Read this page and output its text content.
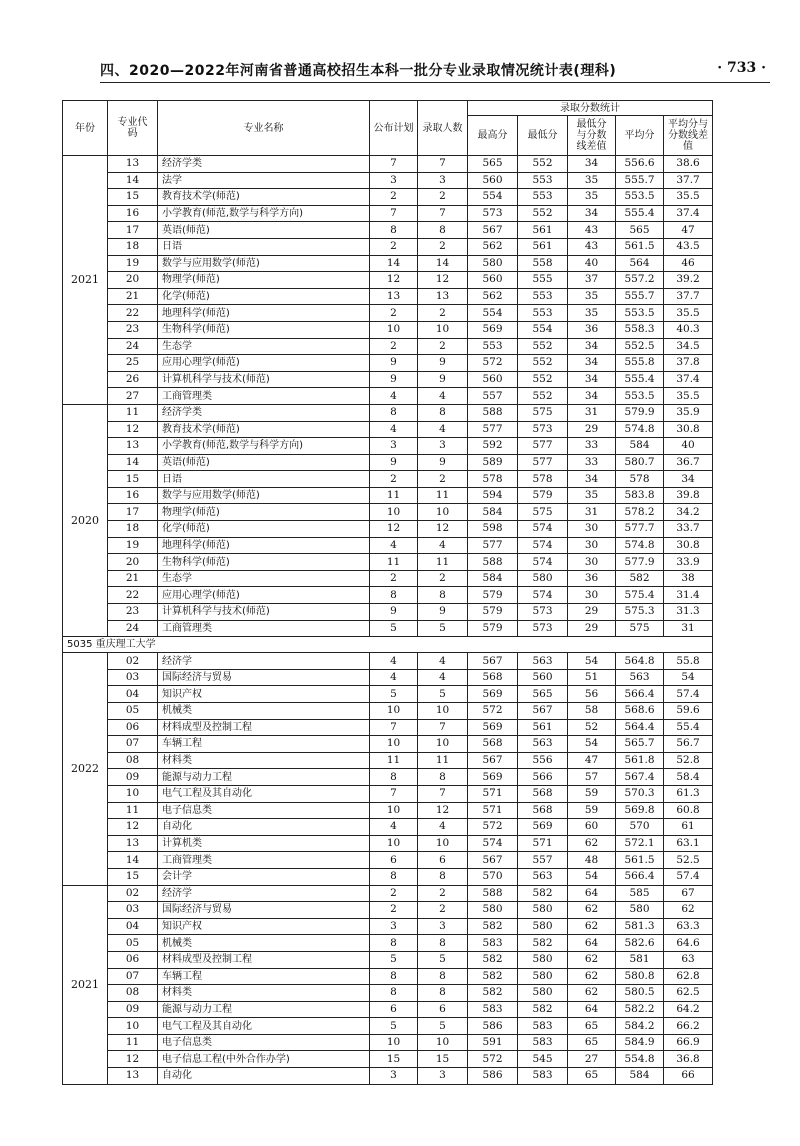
四、2020—2022年河南省普通高校招生本科一批分专业录取情况统计表(理科)	· 733 ·
年份	专业代码	专业名称	公布计划	录取人数	录取分数统计				
					最高分	最低分	最低分与分数线差值	平均分	平均分与分数线差值
2021	13	经济学类	7	7	565	552	34	556.6	38.6
	14	法学	3	3	560	553	35	555.7	37.7
	15	教育技术学(师范)	2	2	554	553	35	553.5	35.5
	16	小学教育(师范,数学与科学方向)	7	7	573	552	34	555.4	37.4
	17	英语(师范)	8	8	567	561	43	565	47
	18	日语	2	2	562	561	43	561.5	43.5
	19	数学与应用数学(师范)	14	14	580	558	40	564	46
	20	物理学(师范)	12	12	560	555	37	557.2	39.2
	21	化学(师范)	13	13	562	553	35	555.7	37.7
	22	地理科学(师范)	2	2	554	553	35	553.5	35.5
	23	生物科学(师范)	10	10	569	554	36	558.3	40.3
	24	生态学	2	2	553	552	34	552.5	34.5
	25	应用心理学(师范)	9	9	572	552	34	555.8	37.8
	26	计算机科学与技术(师范)	9	9	560	552	34	555.4	37.4
	27	工商管理类	4	4	557	552	34	553.5	35.5
2020	11	经济学类	8	8	588	575	31	579.9	35.9
	12	教育技术学(师范)	4	4	577	573	29	574.8	30.8
	13	小学教育(师范,数学与科学方向)	3	3	592	577	33	584	40
	14	英语(师范)	9	9	589	577	33	580.7	36.7
	15	日语	2	2	578	578	34	578	34
	16	数学与应用数学(师范)	11	11	594	579	35	583.8	39.8
	17	物理学(师范)	10	10	584	575	31	578.2	34.2
	18	化学(师范)	12	12	598	574	30	577.7	33.7
	19	地理科学(师范)	4	4	577	574	30	574.8	30.8
	20	生物科学(师范)	11	11	588	574	30	577.9	33.9
	21	生态学	2	2	584	580	36	582	38
	22	应用心理学(师范)	8	8	579	574	30	575.4	31.4
	23	计算机科学与技术(师范)	9	9	579	573	29	575.3	31.3
	24	工商管理类	5	5	579	573	29	575	31
5035 重庆理工大学									
2022	02	经济学	4	4	567	563	54	564.8	55.8
	03	国际经济与贸易	4	4	568	560	51	563	54
	04	知识产权	5	5	569	565	56	566.4	57.4
	05	机械类	10	10	572	567	58	568.6	59.6
	06	材料成型及控制工程	7	7	569	561	52	564.4	55.4
	07	车辆工程	10	10	568	563	54	565.7	56.7
	08	材料类	11	11	567	556	47	561.8	52.8
	09	能源与动力工程	8	8	569	566	57	567.4	58.4
	10	电气工程及其自动化	7	7	571	568	59	570.3	61.3
	11	电子信息类	10	12	571	568	59	569.8	60.8
	12	自动化	4	4	572	569	60	570	61
	13	计算机类	10	10	574	571	62	572.1	63.1
	14	工商管理类	6	6	567	557	48	561.5	52.5
	15	会计学	8	8	570	563	54	566.4	57.4
2021	02	经济学	2	2	588	582	64	585	67
	03	国际经济与贸易	2	2	580	580	62	580	62
	04	知识产权	3	3	582	580	62	581.3	63.3
	05	机械类	8	8	583	582	64	582.6	64.6
	06	材料成型及控制工程	5	5	582	580	62	581	63
	07	车辆工程	8	8	582	580	62	580.8	62.8
	08	材料类	8	8	582	580	62	580.5	62.5
	09	能源与动力工程	6	6	583	582	64	582.2	64.2
	10	电气工程及其自动化	5	5	586	583	65	584.2	66.2
	11	电子信息类	10	10	591	583	65	584.9	66.9
	12	电子信息工程(中外合作办学)	15	15	572	545	27	554.8	36.8
	13	自动化	3	3	586	583	65	584	66
